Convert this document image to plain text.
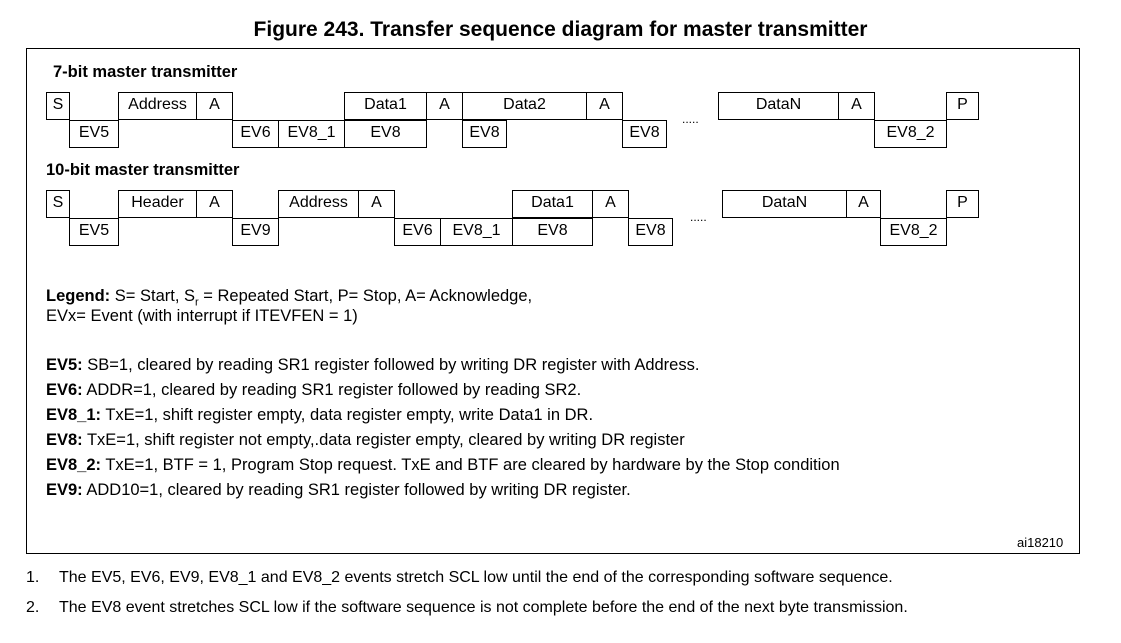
Figure 243. Transfer sequence diagram for master transmitter
7-bit master transmitter
S	Address	A	Data1	A	Data2	A	DataN	A	P
EV5	EV6	EV8_1	EV8	EV8	EV8	EV8_2
.....
10-bit master transmitter
S	Header	A	Address	A	Data1	A	DataN	A	P
EV5	EV9	EV6	EV8_1	EV8	EV8	EV8_2
.....
Legend: S= Start, $S_r$ = Repeated Start, P= Stop, A= Acknowledge,
EVx= Event (with interrupt if ITEVFEN = 1)
EV5: SB=1, cleared by reading SR1 register followed by writing DR register with Address.
EV6: ADDR=1, cleared by reading SR1 register followed by reading SR2.
EV8_1: TxE=1, shift register empty, data register empty, write Data1 in DR.
EV8: TxE=1, shift register not empty,.data register empty, cleared by writing DR register
EV8_2: TxE=1, BTF = 1, Program Stop request. TxE and BTF are cleared by hardware by the Stop condition
EV9: ADD10=1, cleared by reading SR1 register followed by writing DR register.
ai18210
1. The EV5, EV6, EV9, EV8_1 and EV8_2 events stretch SCL low until the end of the corresponding software sequence.
2. The EV8 event stretches SCL low if the software sequence is not complete before the end of the next byte transmission.
